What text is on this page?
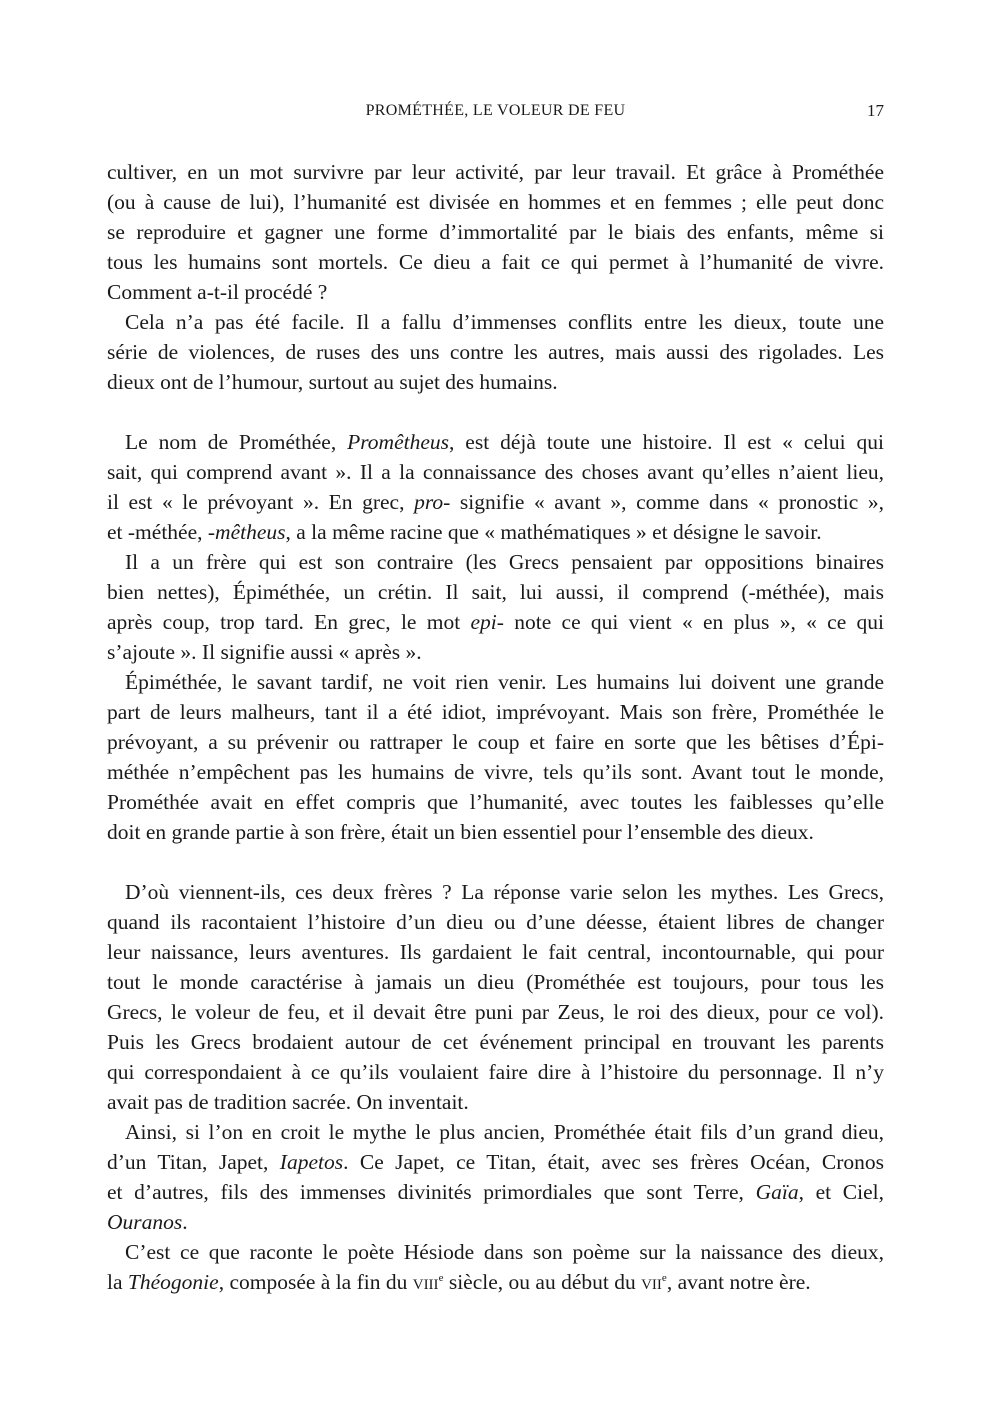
PROMÉTHÉE, LE VOLEUR DE FEU	17
cultiver, en un mot survivre par leur activité, par leur travail. Et grâce à Prométhée
(ou à cause de lui), l’humanité est divisée en hommes et en femmes ; elle peut donc
se reproduire et gagner une forme d’immortalité par le biais des enfants, même si
tous les humains sont mortels. Ce dieu a fait ce qui permet à l’humanité de vivre.
Comment a-t-il procédé ?
Cela n’a pas été facile. Il a fallu d’immenses conflits entre les dieux, toute une
série de violences, de ruses des uns contre les autres, mais aussi des rigolades. Les
dieux ont de l’humour, surtout au sujet des humains.
Le nom de Prométhée, Promêtheus, est déjà toute une histoire. Il est « celui qui
sait, qui comprend avant ». Il a la connaissance des choses avant qu’elles n’aient lieu,
il est « le prévoyant ». En grec, pro- signifie « avant », comme dans « pronostic »,
et -méthée, -mêtheus, a la même racine que « mathématiques » et désigne le savoir.
Il a un frère qui est son contraire (les Grecs pensaient par oppositions binaires
bien nettes), Épiméthée, un crétin. Il sait, lui aussi, il comprend (-méthée), mais
après coup, trop tard. En grec, le mot epi- note ce qui vient « en plus », « ce qui
s’ajoute ». Il signifie aussi « après ».
Épiméthée, le savant tardif, ne voit rien venir. Les humains lui doivent une grande
part de leurs malheurs, tant il a été idiot, imprévoyant. Mais son frère, Prométhée le
prévoyant, a su prévenir ou rattraper le coup et faire en sorte que les bêtises d’Épi-
méthée n’empêchent pas les humains de vivre, tels qu’ils sont. Avant tout le monde,
Prométhée avait en effet compris que l’humanité, avec toutes les faiblesses qu’elle
doit en grande partie à son frère, était un bien essentiel pour l’ensemble des dieux.
D’où viennent-ils, ces deux frères ? La réponse varie selon les mythes. Les Grecs,
quand ils racontaient l’histoire d’un dieu ou d’une déesse, étaient libres de changer
leur naissance, leurs aventures. Ils gardaient le fait central, incontournable, qui pour
tout le monde caractérise à jamais un dieu (Prométhée est toujours, pour tous les
Grecs, le voleur de feu, et il devait être puni par Zeus, le roi des dieux, pour ce vol).
Puis les Grecs brodaient autour de cet événement principal en trouvant les parents
qui correspondaient à ce qu’ils voulaient faire dire à l’histoire du personnage. Il n’y
avait pas de tradition sacrée. On inventait.
Ainsi, si l’on en croit le mythe le plus ancien, Prométhée était fils d’un grand dieu,
d’un Titan, Japet, Iapetos. Ce Japet, ce Titan, était, avec ses frères Océan, Cronos
et d’autres, fils des immenses divinités primordiales que sont Terre, Gaïa, et Ciel,
Ouranos.
C’est ce que raconte le poète Hésiode dans son poème sur la naissance des dieux,
la Théogonie, composée à la fin du viii$^e$ siècle, ou au début du vii$^e$, avant notre ère.
